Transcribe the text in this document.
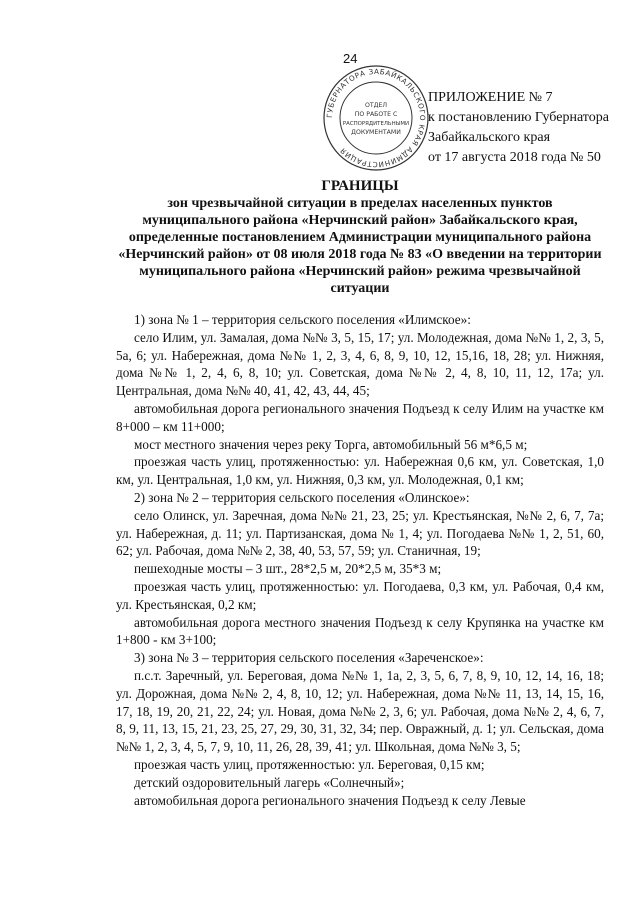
24
ГУБЕРНАТОРА ЗАБАЙКАЛЬСКОГО КРАЯ АДМИНИСТРАЦИЯ
ОТДЕЛ
ПО РАБОТЕ С
РАСПОРЯДИТЕЛЬНЫМИ
ДОКУМЕНТАМИ
ПРИЛОЖЕНИЕ № 7
к постановлению Губернатора
Забайкальского края
от 17 августа 2018 года № 50
ГРАНИЦЫ
зон чрезвычайной ситуации в пределах населенных пунктов
муниципального района «Нерчинский район» Забайкальского края,
определенные постановлением Администрации муниципального района
«Нерчинский район» от 08 июля 2018 года № 83 «О введении на территории
муниципального района «Нерчинский район» режима чрезвычайной
ситуации

1) зона № 1 – территория сельского поселения «Илимское»:

село Илим, ул. Замалая, дома №№ 3, 5, 15, 17; ул. Молодежная, дома №№ 1, 2, 3, 5, 5а, 6; ул. Набережная, дома №№ 1, 2, 3, 4, 6, 8, 9, 10, 12, 15,16, 18, 28; ул. Нижняя, дома №№ 1, 2, 4, 6, 8, 10; ул. Советская, дома №№ 2, 4, 8, 10, 11, 12, 17а; ул. Центральная, дома №№ 40, 41, 42, 43, 44, 45;

автомобильная дорога регионального значения Подъезд к селу Илим на участке км 8+000 – км 11+000;

мост местного значения через реку Торга, автомобильный 56 м*6,5 м;

проезжая часть улиц, протяженностью: ул. Набережная 0,6 км, ул. Советская, 1,0 км, ул. Центральная, 1,0 км, ул. Нижняя, 0,3 км, ул. Молодежная, 0,1 км;

2) зона № 2 – территория сельского поселения «Олинское»:

село Олинск, ул. Заречная, дома №№ 21, 23, 25; ул. Крестьянская, №№ 2, 6, 7, 7а; ул. Набережная, д. 11; ул. Партизанская, дома № 1, 4; ул. Погодаева №№ 1, 2, 51, 60, 62; ул. Рабочая, дома №№ 2, 38, 40, 53, 57, 59; ул. Станичная, 19;

пешеходные мосты – 3 шт., 28*2,5 м, 20*2,5 м, 35*3 м;

проезжая часть улиц, протяженностью: ул. Погодаева, 0,3 км, ул. Рабочая, 0,4 км, ул. Крестьянская, 0,2 км;

автомобильная дорога местного значения Подъезд к селу Крупянка на участке км 1+800 - км 3+100;

3) зона № 3 – территория сельского поселения «Зареченское»:

п.с.т. Заречный, ул. Береговая, дома №№ 1, 1а, 2, 3, 5, 6, 7, 8, 9, 10, 12, 14, 16, 18; ул. Дорожная, дома №№ 2, 4, 8, 10, 12; ул. Набережная, дома №№ 11, 13, 14, 15, 16, 17, 18, 19, 20, 21, 22, 24; ул. Новая, дома №№ 2, 3, 6; ул. Рабочая, дома №№ 2, 4, 6, 7, 8, 9, 11, 13, 15, 21, 23, 25, 27, 29, 30, 31, 32, 34; пер. Овражный, д. 1; ул. Сельская, дома №№ 1, 2, 3, 4, 5, 7, 9, 10, 11, 26, 28, 39, 41; ул. Школьная, дома №№ 3, 5;

проезжая часть улиц, протяженностью: ул. Береговая, 0,15 км;

детский оздоровительный лагерь «Солнечный»;

автомобильная дорога регионального значения Подъезд к селу Левые
